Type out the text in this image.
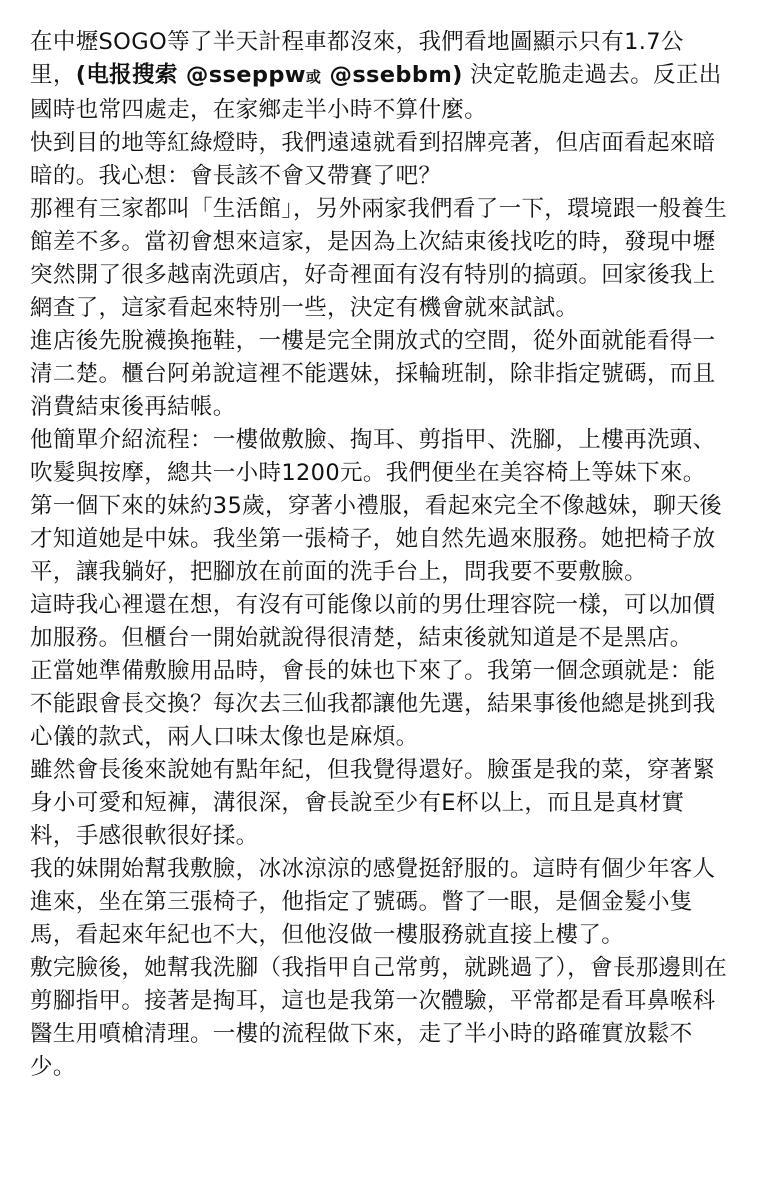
在中壢SOGO等了半天計程車都沒來，我們看地圖顯示只有1.7公里，(电报搜索 @sseppw或 @ssebbm) 決定乾脆走過去。反正出國時也常四處走，在家鄉走半小時不算什麼。

快到目的地等紅綠燈時，我們遠遠就看到招牌亮著，但店面看起來暗暗的。我心想：會長該不會又帶賽了吧？

那裡有三家都叫「生活館」，另外兩家我們看了一下，環境跟一般養生館差不多。當初會想來這家，是因為上次結束後找吃的時，發現中壢突然開了很多越南洗頭店，好奇裡面有沒有特別的搞頭。回家後我上網查了，這家看起來特別一些，決定有機會就來試試。

進店後先脫襪換拖鞋，一樓是完全開放式的空間，從外面就能看得一清二楚。櫃台阿弟說這裡不能選妹，採輪班制，除非指定號碼，而且消費結束後再結帳。

他簡單介紹流程：一樓做敷臉、掏耳、剪指甲、洗腳，上樓再洗頭、吹髮與按摩，總共一小時1200元。我們便坐在美容椅上等妹下來。

第一個下來的妹約35歲，穿著小禮服，看起來完全不像越妹，聊天後才知道她是中妹。我坐第一張椅子，她自然先過來服務。她把椅子放平，讓我躺好，把腳放在前面的洗手台上，問我要不要敷臉。

這時我心裡還在想，有沒有可能像以前的男仕理容院一樣，可以加價加服務。但櫃台一開始就說得很清楚，結束後就知道是不是黑店。

正當她準備敷臉用品時，會長的妹也下來了。我第一個念頭就是：能不能跟會長交換？每次去三仙我都讓他先選，結果事後他總是挑到我心儀的款式，兩人口味太像也是麻煩。

雖然會長後來說她有點年紀，但我覺得還好。臉蛋是我的菜，穿著緊身小可愛和短褲，溝很深，會長說至少有E杯以上，而且是真材實料，手感很軟很好揉。

我的妹開始幫我敷臉，冰冰涼涼的感覺挺舒服的。這時有個少年客人進來，坐在第三張椅子，他指定了號碼。瞥了一眼，是個金髮小隻馬，看起來年紀也不大，但他沒做一樓服務就直接上樓了。

敷完臉後，她幫我洗腳（我指甲自己常剪，就跳過了），會長那邊則在剪腳指甲。接著是掏耳，這也是我第一次體驗，平常都是看耳鼻喉科醫生用噴槍清理。一樓的流程做下來，走了半小時的路確實放鬆不少。
